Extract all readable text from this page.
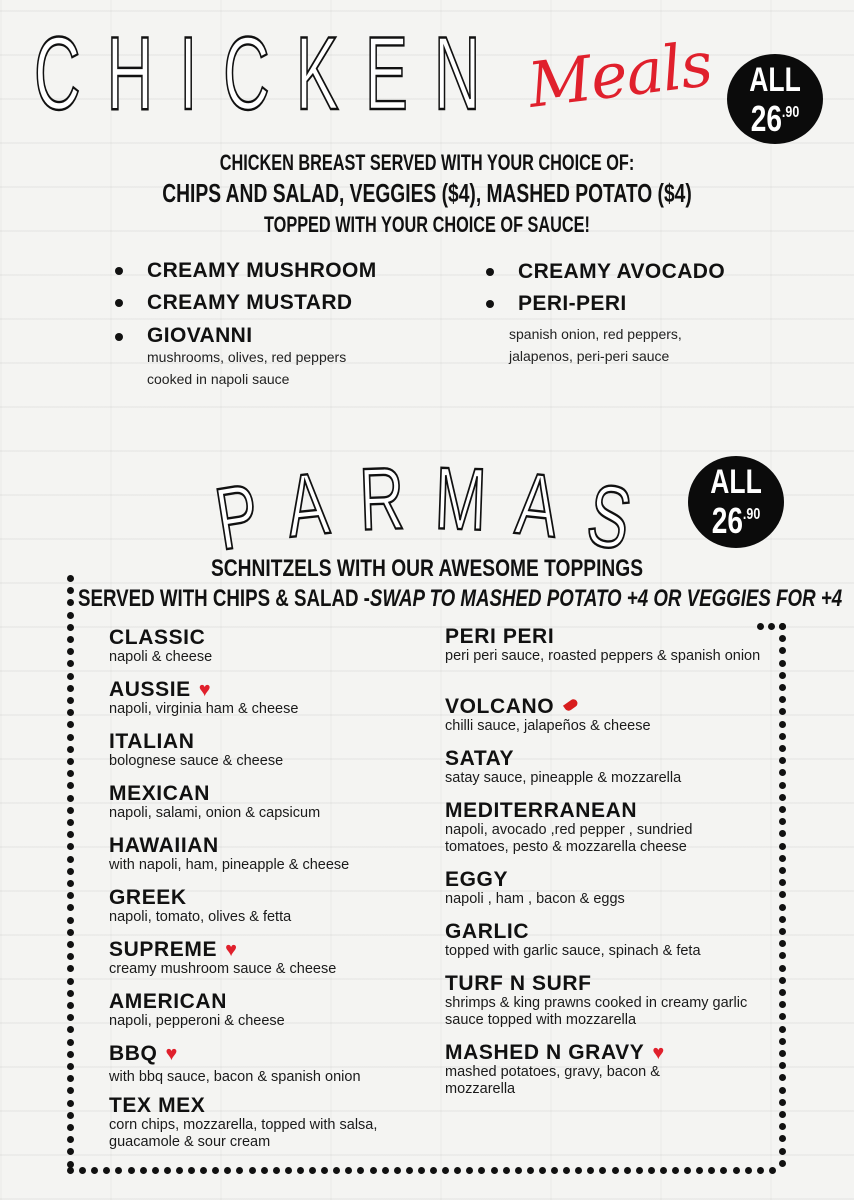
CHICKEN Meals ALL
$26^{.90}$
CHICKEN BREAST SERVED WITH YOUR CHOICE OF:
CHIPS AND SALAD, VEGGIES ($4), MASHED POTATO ($4)
TOPPED WITH YOUR CHOICE OF SAUCE!
CREAMY MUSHROOM
CREAMY MUSTARD
GIOVANNI
mushrooms, olives, red peppers
cooked in napoli sauce
CREAMY AVOCADO
PERI-PERI
spanish onion, red peppers,
jalapenos, peri-peri sauce
P A R M A S	ALL
$26^{.90}$
SCHNITZELS WITH OUR AWESOME TOPPINGS
SERVED WITH CHIPS & SALAD -SWAP TO MASHED POTATO +4 OR VEGGIES FOR +4
CLASSIC
napoli & cheese
AUSSIE ♥
napoli, virginia ham & cheese
ITALIAN
bolognese sauce & cheese
MEXICAN
napoli, salami, onion & capsicum
HAWAIIAN
with napoli, ham, pineapple & cheese
GREEK
napoli, tomato, olives & fetta
SUPREME ♥
creamy mushroom sauce & cheese
AMERICAN
napoli, pepperoni & cheese
BBQ ♥
with bbq sauce, bacon & spanish onion
TEX MEX
corn chips, mozzarella, topped with salsa, guacamole & sour cream
PERI PERI
peri peri sauce, roasted peppers & spanish onion
VOLCANO
chilli sauce, jalapeños & cheese
SATAY
satay sauce, pineapple & mozzarella
MEDITERRANEAN
napoli, avocado ,red pepper , sundried tomatoes, pesto & mozzarella cheese
EGGY
napoli , ham , bacon & eggs
GARLIC
topped with garlic sauce, spinach & feta
TURF N SURF
shrimps & king prawns cooked in creamy garlic sauce topped with mozzarella
MASHED N GRAVY ♥
mashed potatoes, gravy, bacon & mozzarella
